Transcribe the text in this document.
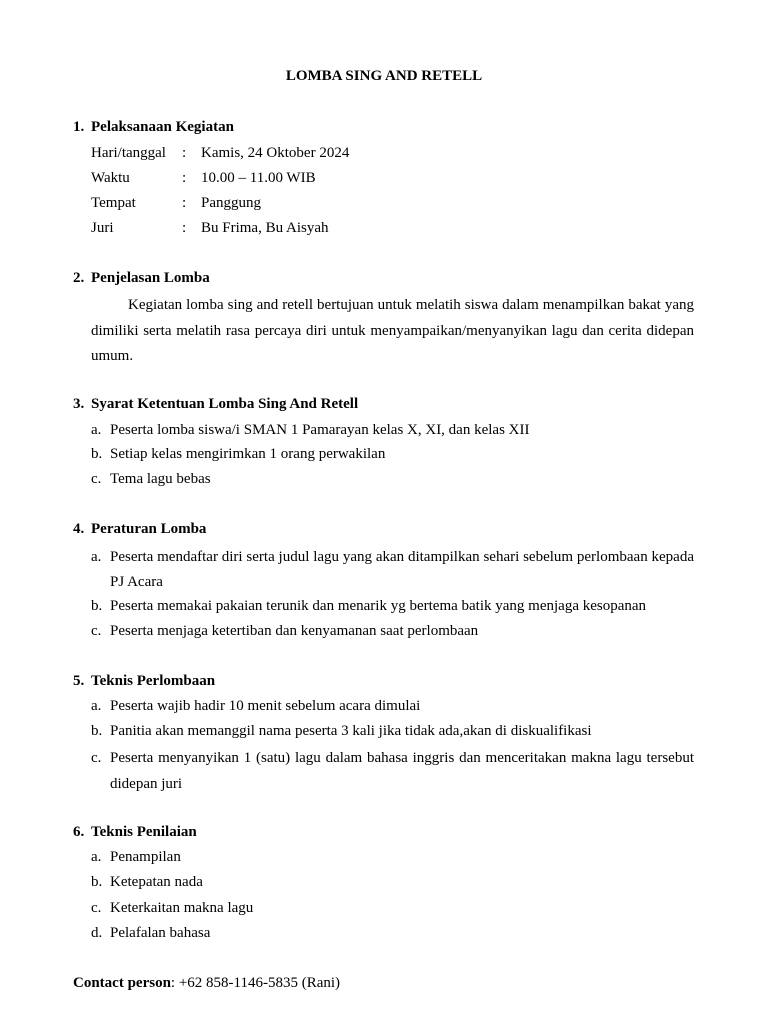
LOMBA SING AND RETELL
1. Pelaksanaan Kegiatan
Hari/tanggal : Kamis, 24 Oktober 2024
Waktu	: 10.00 – 11.00 WIB
Tempat	: Panggung
Juri	: Bu Frima, Bu Aisyah
2. Penjelasan Lomba
Kegiatan lomba sing and retell bertujuan untuk melatih siswa dalam menampilkan bakat yang dimiliki serta melatih rasa percaya diri untuk menyampaikan/menyanyikan lagu dan cerita didepan umum.
3. Syarat Ketentuan Lomba Sing And Retell
a. Peserta lomba siswa/i SMAN 1 Pamarayan kelas X, XI, dan kelas XII
b. Setiap kelas mengirimkan 1 orang perwakilan
c. Tema lagu bebas
4. Peraturan Lomba
a. Peserta mendaftar diri serta judul lagu yang akan ditampilkan sehari sebelum perlombaan kepada PJ Acara
b. Peserta memakai pakaian terunik dan menarik yg bertema batik yang menjaga kesopanan
c. Peserta menjaga ketertiban dan kenyamanan saat perlombaan
5. Teknis Perlombaan
a. Peserta wajib hadir 10 menit sebelum acara dimulai
b. Panitia akan memanggil nama peserta 3 kali jika tidak ada,akan di diskualifikasi
c. Peserta menyanyikan 1 (satu) lagu dalam bahasa inggris dan menceritakan makna lagu tersebut didepan juri
6. Teknis Penilaian
a. Penampilan
b. Ketepatan nada
c. Keterkaitan makna lagu
d. Pelafalan bahasa
Contact person: +62 858-1146-5835 (Rani)
